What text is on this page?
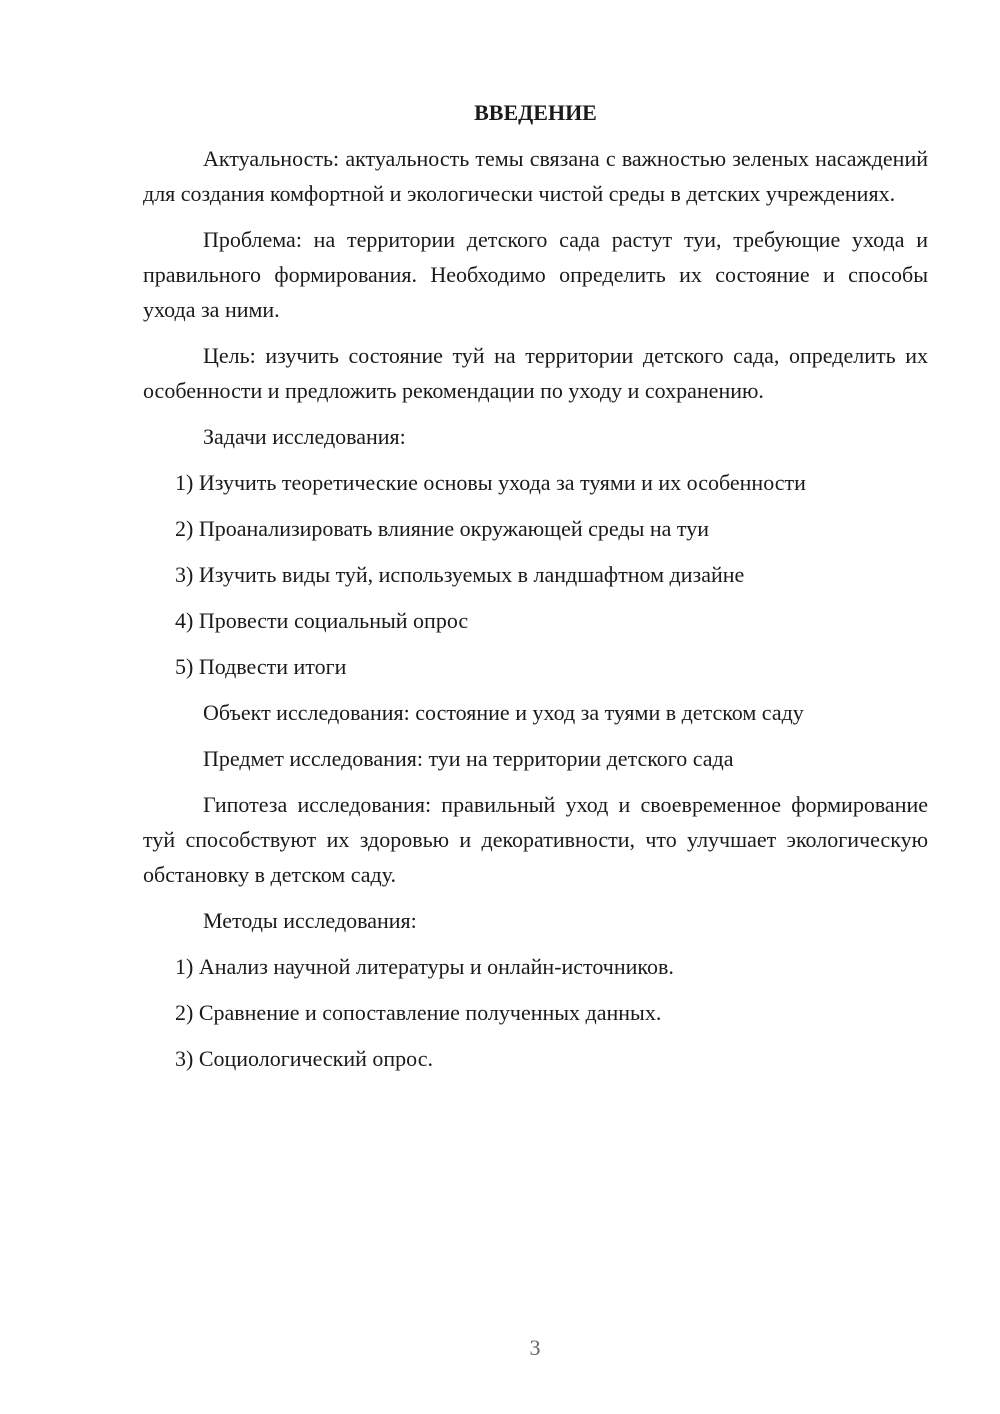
ВВЕДЕНИЕ
Актуальность: актуальность темы связана с важностью зеленых насаждений для создания комфортной и экологически чистой среды в детских учреждениях.
Проблема: на территории детского сада растут туи, требующие ухода и правильного формирования. Необходимо определить их состояние и способы ухода за ними.
Цель: изучить состояние туй на территории детского сада, определить их особенности и предложить рекомендации по уходу и сохранению.
Задачи исследования:
1) Изучить теоретические основы ухода за туями и их особенности
2) Проанализировать влияние окружающей среды на туи
3) Изучить виды туй, используемых в ландшафтном дизайне
4) Провести социальный опрос
5) Подвести итоги
Объект исследования: состояние и уход за туями в детском саду
Предмет исследования: туи на территории детского сада
Гипотеза исследования: правильный уход и своевременное формирование туй способствуют их здоровью и декоративности, что улучшает экологическую обстановку в детском саду.
Методы исследования:
1) Анализ научной литературы и онлайн-источников.
2) Сравнение и сопоставление полученных данных.
3) Социологический опрос.
3
